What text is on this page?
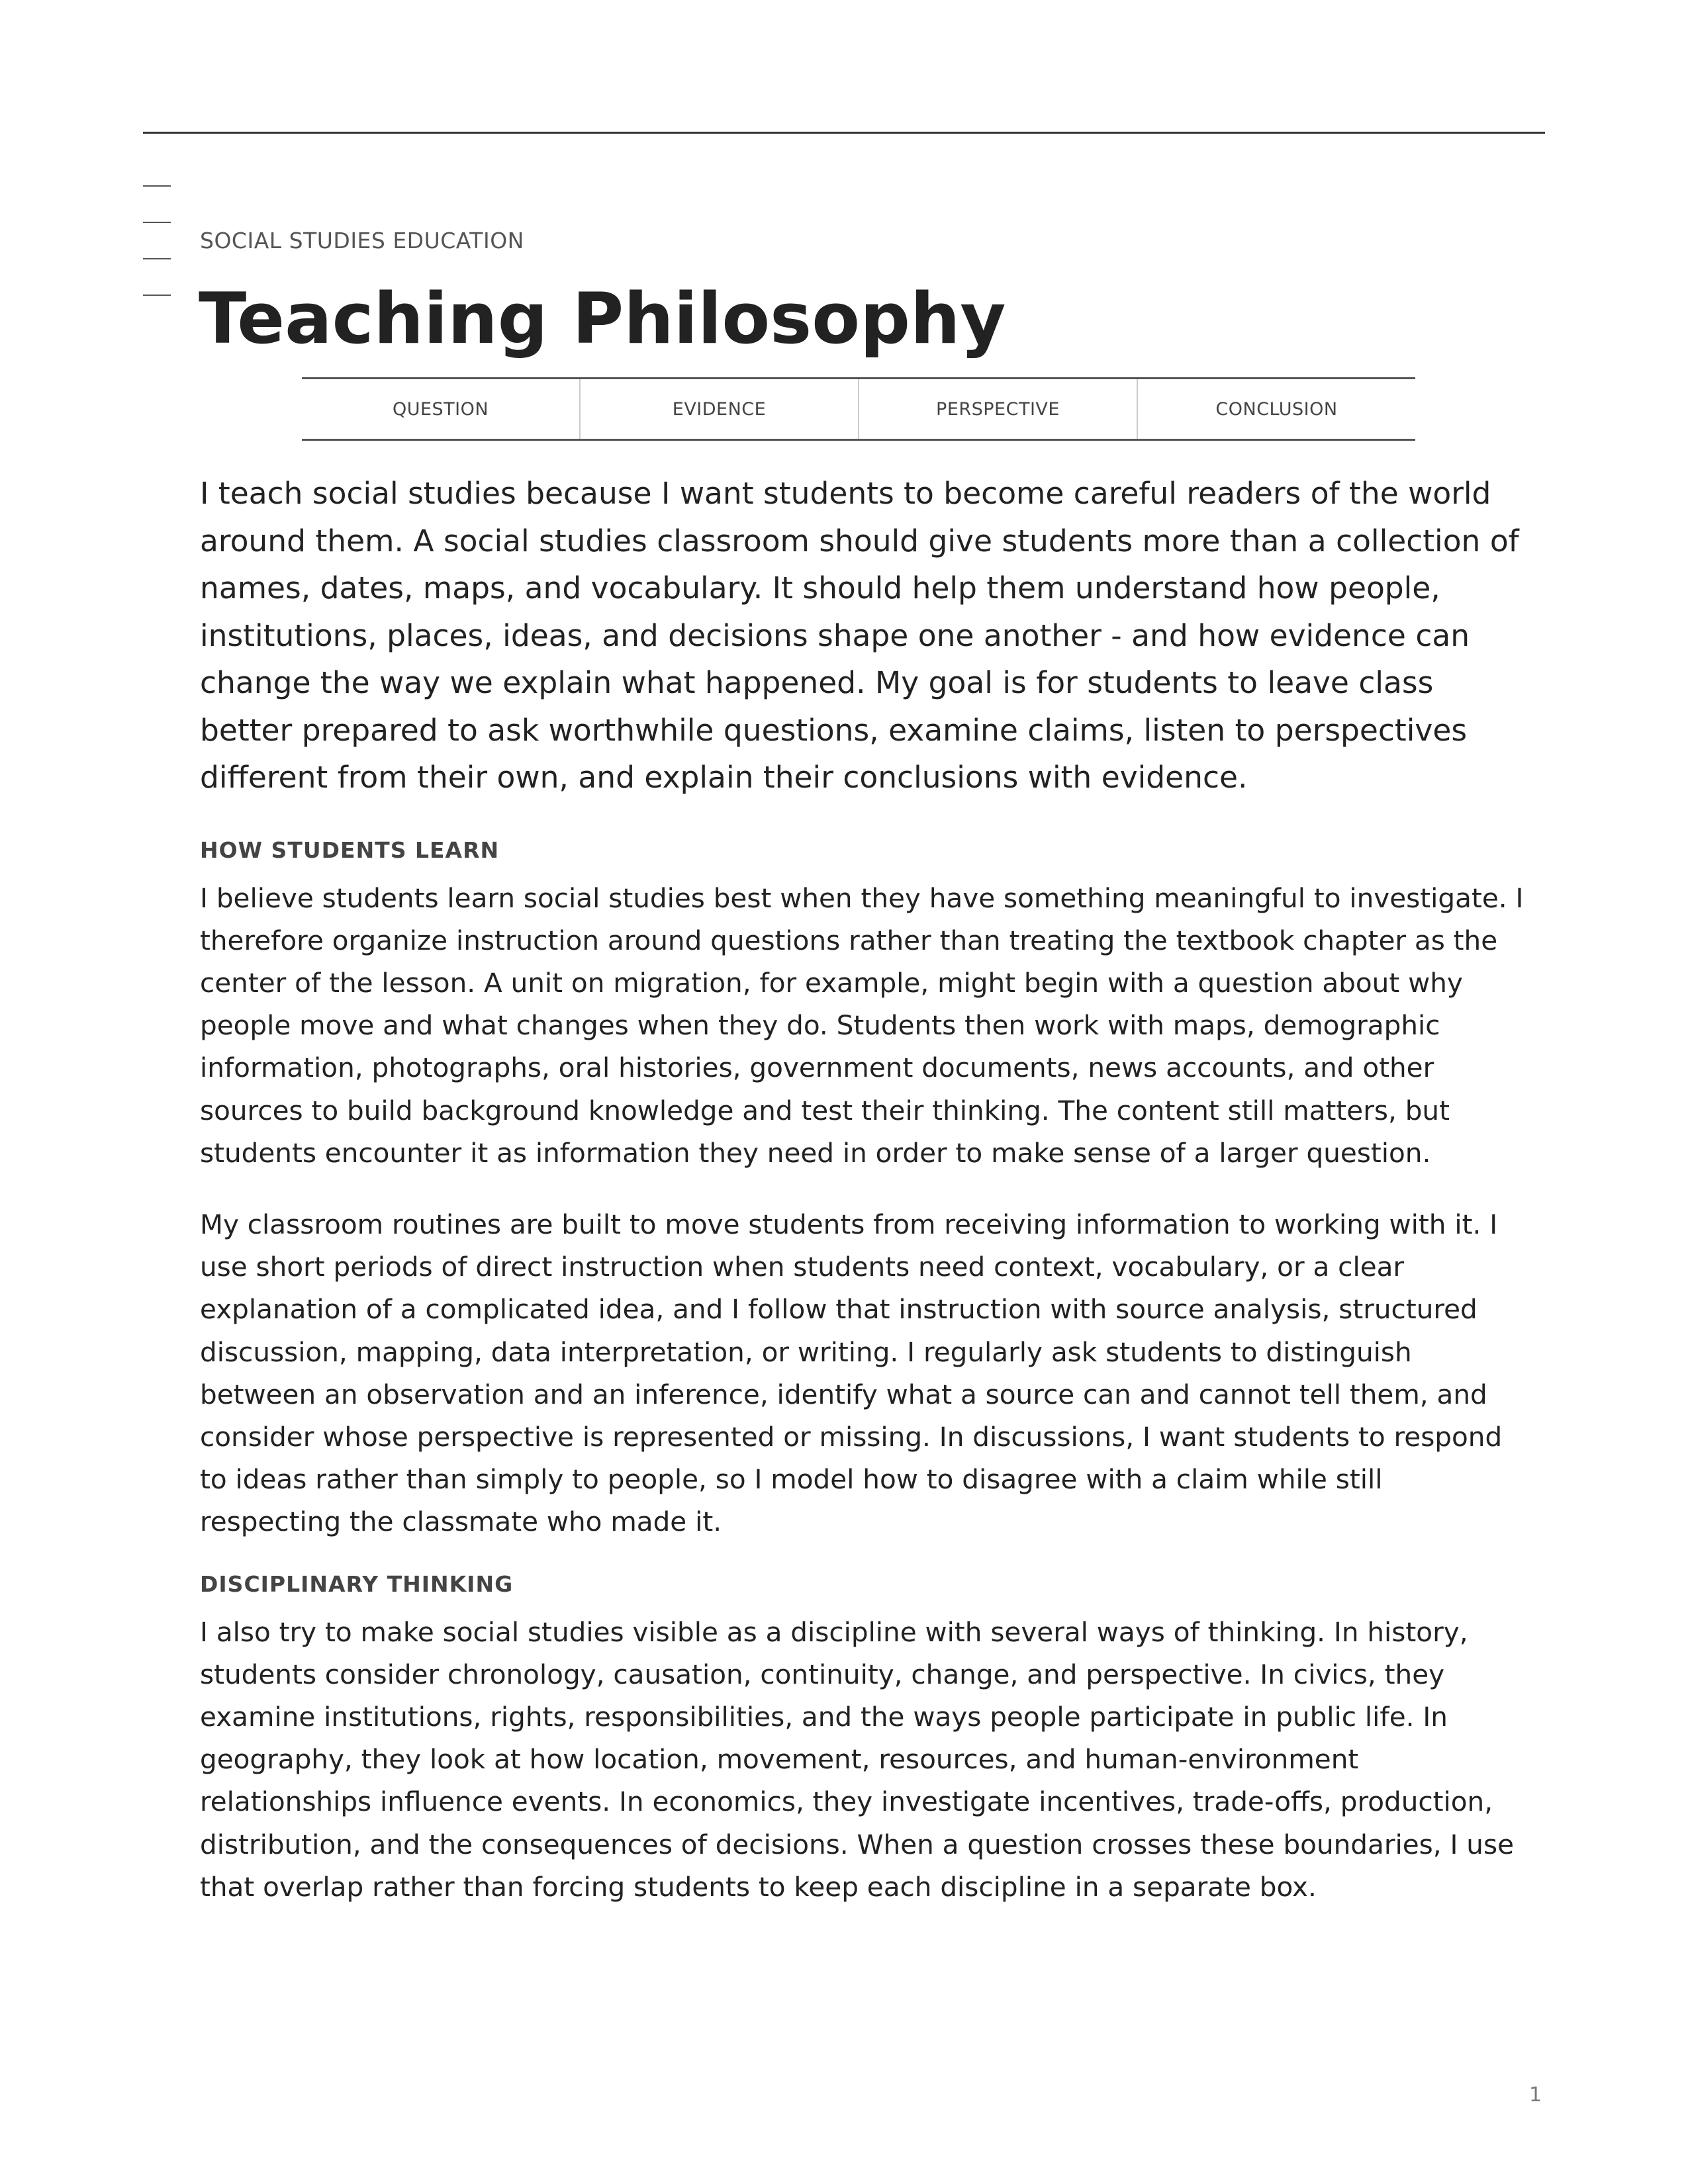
SOCIAL STUDIES EDUCATION
Teaching Philosophy
QUESTION	EVIDENCE	PERSPECTIVE	CONCLUSION

I teach social studies because I want students to become careful readers of the world around them. A social studies classroom should give students more than a collection of names, dates, maps, and vocabulary. It should help them understand how people, institutions, places, ideas, and decisions shape one another - and how evidence can change the way we explain what happened. My goal is for students to leave class better prepared to ask worthwhile questions, examine claims, listen to perspectives different from their own, and explain their conclusions with evidence.

HOW STUDENTS LEARN

I believe students learn social studies best when they have something meaningful to investigate. I therefore organize instruction around questions rather than treating the textbook chapter as the center of the lesson. A unit on migration, for example, might begin with a question about why people move and what changes when they do. Students then work with maps, demographic information, photographs, oral histories, government documents, news accounts, and other sources to build background knowledge and test their thinking. The content still matters, but students encounter it as information they need in order to make sense of a larger question.

My classroom routines are built to move students from receiving information to working with it. I use short periods of direct instruction when students need context, vocabulary, or a clear explanation of a complicated idea, and I follow that instruction with source analysis, structured discussion, mapping, data interpretation, or writing. I regularly ask students to distinguish between an observation and an inference, identify what a source can and cannot tell them, and consider whose perspective is represented or missing. In discussions, I want students to respond to ideas rather than simply to people, so I model how to disagree with a claim while still respecting the classmate who made it.

DISCIPLINARY THINKING

I also try to make social studies visible as a discipline with several ways of thinking. In history, students consider chronology, causation, continuity, change, and perspective. In civics, they examine institutions, rights, responsibilities, and the ways people participate in public life. In geography, they look at how location, movement, resources, and human-environment relationships influence events. In economics, they investigate incentives, trade-offs, production, distribution, and the consequences of decisions. When a question crosses these boundaries, I use that overlap rather than forcing students to keep each discipline in a separate box.

1
